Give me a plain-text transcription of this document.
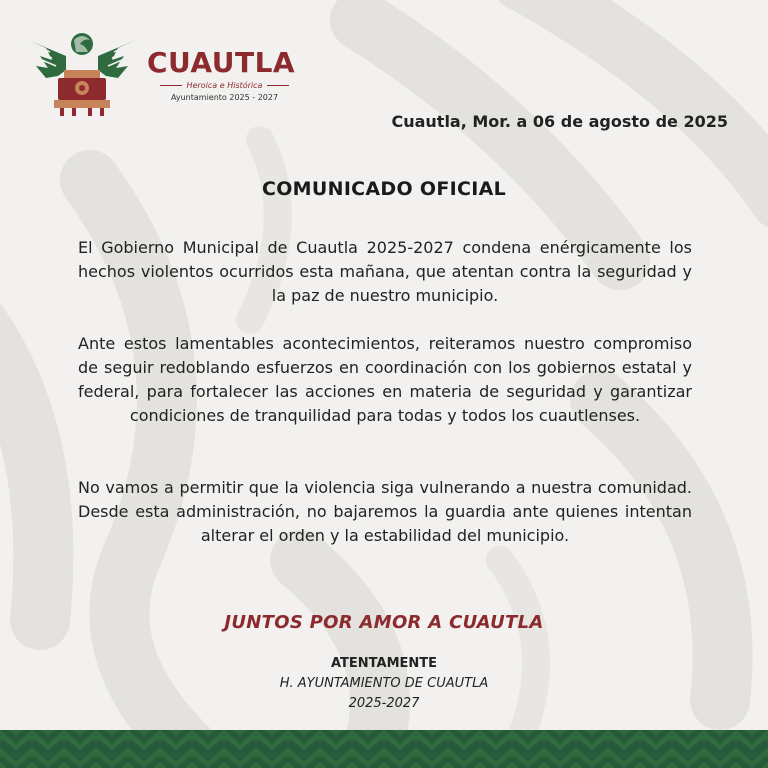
CUAUTLA
Heroica e Histórica
Ayuntamiento 2025 - 2027
Cuautla, Mor. a 06 de agosto de 2025
COMUNICADO OFICIAL

El Gobierno Municipal de Cuautla 2025-2027 condena enérgicamente los hechos violentos ocurridos esta mañana, que atentan contra la seguridad y la paz de nuestro municipio.

Ante estos lamentables acontecimientos, reiteramos nuestro compromiso de seguir redoblando esfuerzos en coordinación con los gobiernos estatal y federal, para fortalecer las acciones en materia de seguridad y garantizar condiciones de tranquilidad para todas y todos los cuautlenses.

No vamos a permitir que la violencia siga vulnerando a nuestra comunidad. Desde esta administración, no bajaremos la guardia ante quienes intentan alterar el orden y la estabilidad del municipio.

JUNTOS POR AMOR A CUAUTLA
ATENTAMENTE
H. AYUNTAMIENTO DE CUAUTLA
2025-2027
